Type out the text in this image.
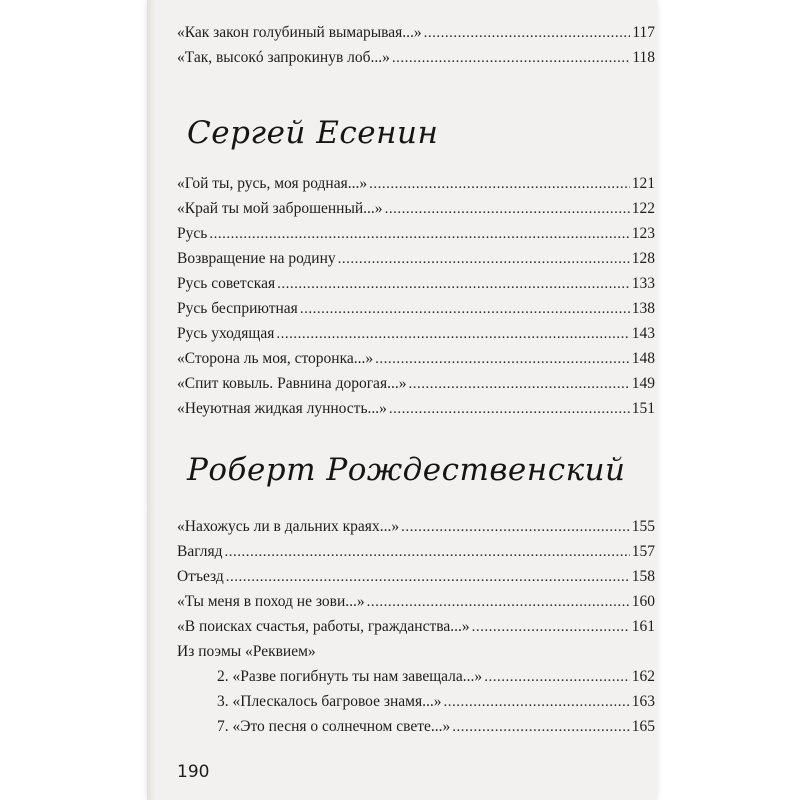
«Как закон голубиный вымарывая...» .....	117
«Так, высокó запрокинув лоб...» .....	118
Сергей Есенин
«Гой ты, русь, моя родная...» .....	121
«Край ты мой заброшенный...» .....	122
Русь .....	123
Возвращение на родину .....	128
Русь советская .....	133
Русь бесприютная .....	138
Русь уходящая .....	143
«Сторона ль моя, сторонка...» .....	148
«Спит ковыль. Равнина дорогая...» .....	149
«Неуютная жидкая лунность...» .....	151
Роберт Рождественский
«Нахожусь ли в дальних краях...» .....	155
Вагляд .....	157
Отъезд .....	158
«Ты меня в поход не зови...» .....	160
«В поисках счастья, работы, гражданства...» .....	161
Из поэмы «Реквием»
2. «Разве погибнуть ты нам завещала...» .....	162
3. «Плескалось багровое знамя...» .....	163
7. «Это песня о солнечном свете...» .....	165
190
